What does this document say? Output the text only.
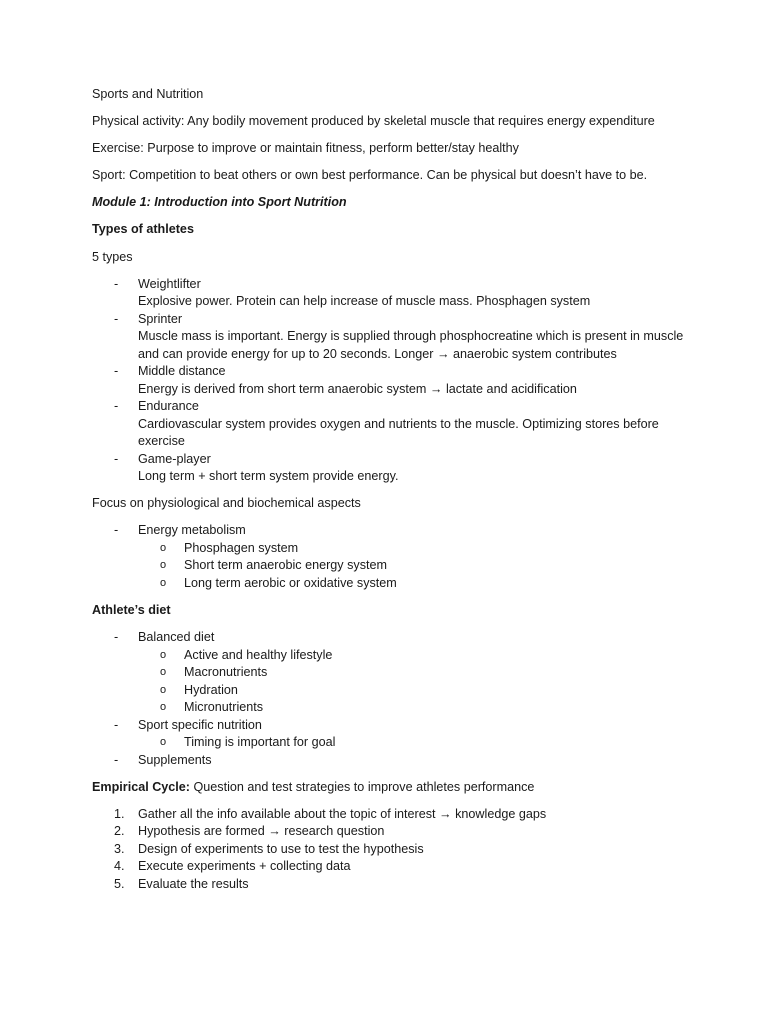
Sports and Nutrition

Physical activity: Any bodily movement produced by skeletal muscle that requires energy expenditure

Exercise: Purpose to improve or maintain fitness, perform better/stay healthy

Sport: Competition to beat others or own best performance. Can be physical but doesn’t have to be.

Module 1: Introduction into Sport Nutrition

Types of athletes

5 types

- Weightlifter
Explosive power. Protein can help increase of muscle mass. Phosphagen system
- Sprinter
Muscle mass is important. Energy is supplied through phosphocreatine which is present in muscle and can provide energy for up to 20 seconds. Longer → anaerobic system contributes
- Middle distance
Energy is derived from short term anaerobic system → lactate and acidification
- Endurance
Cardiovascular system provides oxygen and nutrients to the muscle. Optimizing stores before exercise
- Game-player
Long term + short term system provide energy.

Focus on physiological and biochemical aspects

- Energy metabolism
o Phosphagen system
o Short term anaerobic energy system
o Long term aerobic or oxidative system

Athlete’s diet

- Balanced diet
o Active and healthy lifestyle
o Macronutrients
o Hydration
o Micronutrients
- Sport specific nutrition
o Timing is important for goal
- Supplements

Empirical Cycle: Question and test strategies to improve athletes performance

1. Gather all the info available about the topic of interest → knowledge gaps
2. Hypothesis are formed → research question
3. Design of experiments to use to test the hypothesis
4. Execute experiments + collecting data
5. Evaluate the results
